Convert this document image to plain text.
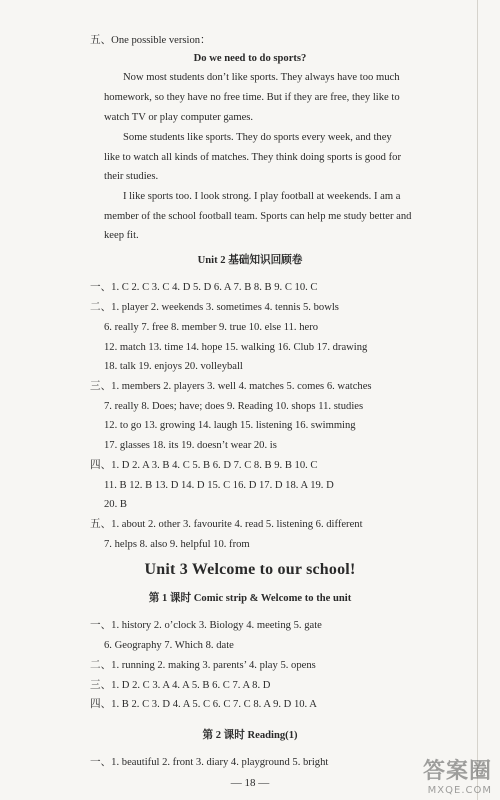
五、One possible version：
Do we need to do sports?
Now most students don’t like sports. They always have too much
homework, so they have no free time. But if they are free, they like to
watch TV or play computer games.
Some students like sports. They do sports every week, and they
like to watch all kinds of matches. They think doing sports is good for
their studies.
I like sports too. I look strong. I play football at weekends. I am a
member of the school football team. Sports can help me study better and
keep fit.
Unit 2 基础知识回顾卷
一、1. C 2. C 3. C 4. D 5. D 6. A 7. B 8. B 9. C 10. C
二、1. player 2. weekends 3. sometimes 4. tennis 5. bowls
6. really 7. free 8. member 9. true 10. else 11. hero
12. match 13. time 14. hope 15. walking 16. Club 17. drawing
18. talk 19. enjoys 20. volleyball
三、1. members 2. players 3. well 4. matches 5. comes 6. watches
7. really 8. Does; have; does 9. Reading 10. shops 11. studies
12. to go 13. growing 14. laugh 15. listening 16. swimming
17. glasses 18. its 19. doesn’t wear 20. is
四、1. D 2. A 3. B 4. C 5. B 6. D 7. C 8. B 9. B 10. C
11. B 12. B 13. D 14. D 15. C 16. D 17. D 18. A 19. D
20. B
五、1. about 2. other 3. favourite 4. read 5. listening 6. different
7. helps 8. also 9. helpful 10. from
Unit 3 Welcome to our school!
第 1 课时 Comic strip & Welcome to the unit
一、1. history 2. o’clock 3. Biology 4. meeting 5. gate
6. Geography 7. Which 8. date
二、1. running 2. making 3. parents’ 4. play 5. opens
三、1. D 2. C 3. A 4. A 5. B 6. C 7. A 8. D
四、1. B 2. C 3. D 4. A 5. C 6. C 7. C 8. A 9. D 10. A
第 2 课时 Reading(1)
一、1. beautiful 2. front 3. diary 4. playground 5. bright
— 18 —	答案圈
MXQE.COM
